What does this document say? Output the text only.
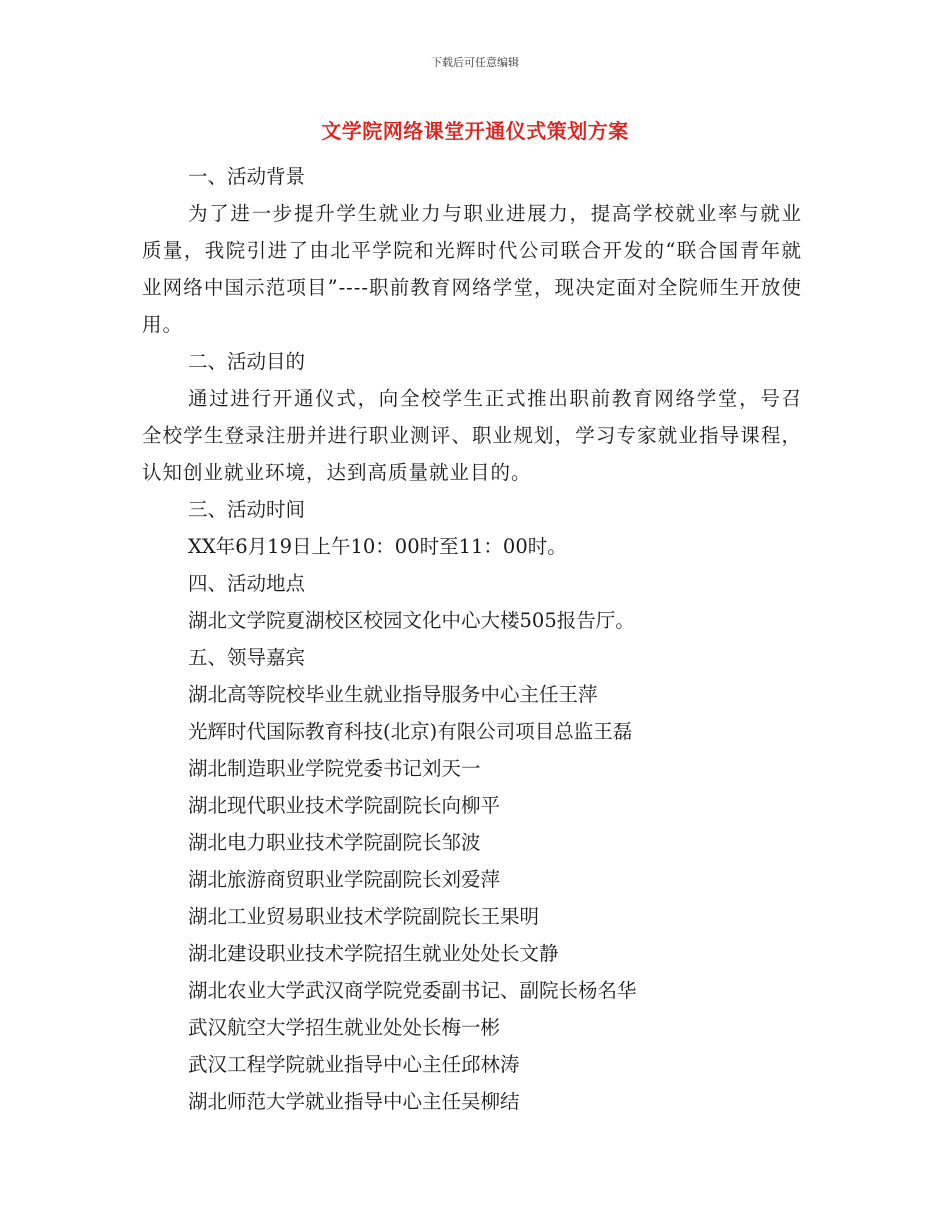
下载后可任意编辑
文学院网络课堂开通仪式策划方案

一、活动背景

为了进一步提升学生就业力与职业进展力，提高学校就业率与就业质量，我院引进了由北平学院和光辉时代公司联合开发的“联合国青年就业网络中国示范项目”----职前教育网络学堂，现决定面对全院师生开放使用。

二、活动目的

通过进行开通仪式，向全校学生正式推出职前教育网络学堂，号召全校学生登录注册并进行职业测评、职业规划，学习专家就业指导课程，认知创业就业环境，达到高质量就业目的。

三、活动时间

XX年6月19日上午10：00时至11：00时。

四、活动地点

湖北文学院夏湖校区校园文化中心大楼505报告厅。

五、领导嘉宾

湖北高等院校毕业生就业指导服务中心主任王萍

光辉时代国际教育科技(北京)有限公司项目总监王磊

湖北制造职业学院党委书记刘天一

湖北现代职业技术学院副院长向柳平

湖北电力职业技术学院副院长邹波

湖北旅游商贸职业学院副院长刘爱萍

湖北工业贸易职业技术学院副院长王果明

湖北建设职业技术学院招生就业处处长文静

湖北农业大学武汉商学院党委副书记、副院长杨名华

武汉航空大学招生就业处处长梅一彬

武汉工程学院就业指导中心主任邱林涛

湖北师范大学就业指导中心主任吴柳结
